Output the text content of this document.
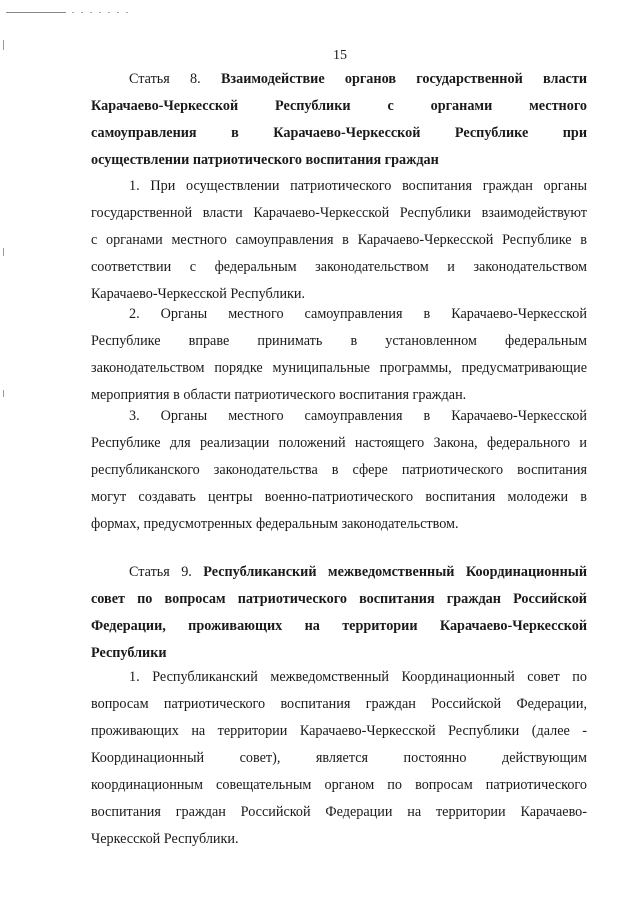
15
Статья 8. Взаимодействие органов государственной власти
Карачаево-Черкесской Республики с органами местного
самоуправления в Карачаево-Черкесской Республике при
осуществлении патриотического воспитания граждан
1. При осуществлении патриотического воспитания граждан органы
государственной власти Карачаево-Черкесской Республики взаимодействуют
с органами местного самоуправления в Карачаево-Черкесской Республике в
соответствии с федеральным законодательством и законодательством
Карачаево-Черкесской Республики.
2. Органы местного самоуправления в Карачаево-Черкесской
Республике вправе принимать в установленном федеральным
законодательством порядке муниципальные программы, предусматривающие
мероприятия в области патриотического воспитания граждан.
3. Органы местного самоуправления в Карачаево-Черкесской
Республике для реализации положений настоящего Закона, федерального и
республиканского законодательства в сфере патриотического воспитания
могут создавать центры военно-патриотического воспитания молодежи в
формах, предусмотренных федеральным законодательством.
Статья 9. Республиканский межведомственный Координационный
совет по вопросам патриотического воспитания граждан Российской
Федерации, проживающих на территории Карачаево-Черкесской
Республики
1. Республиканский межведомственный Координационный совет по
вопросам патриотического воспитания граждан Российской Федерации,
проживающих на территории Карачаево-Черкесской Республики (далее -
Координационный совет), является постоянно действующим
координационным совещательным органом по вопросам патриотического
воспитания граждан Российской Федерации на территории Карачаево-
Черкесской Республики.
